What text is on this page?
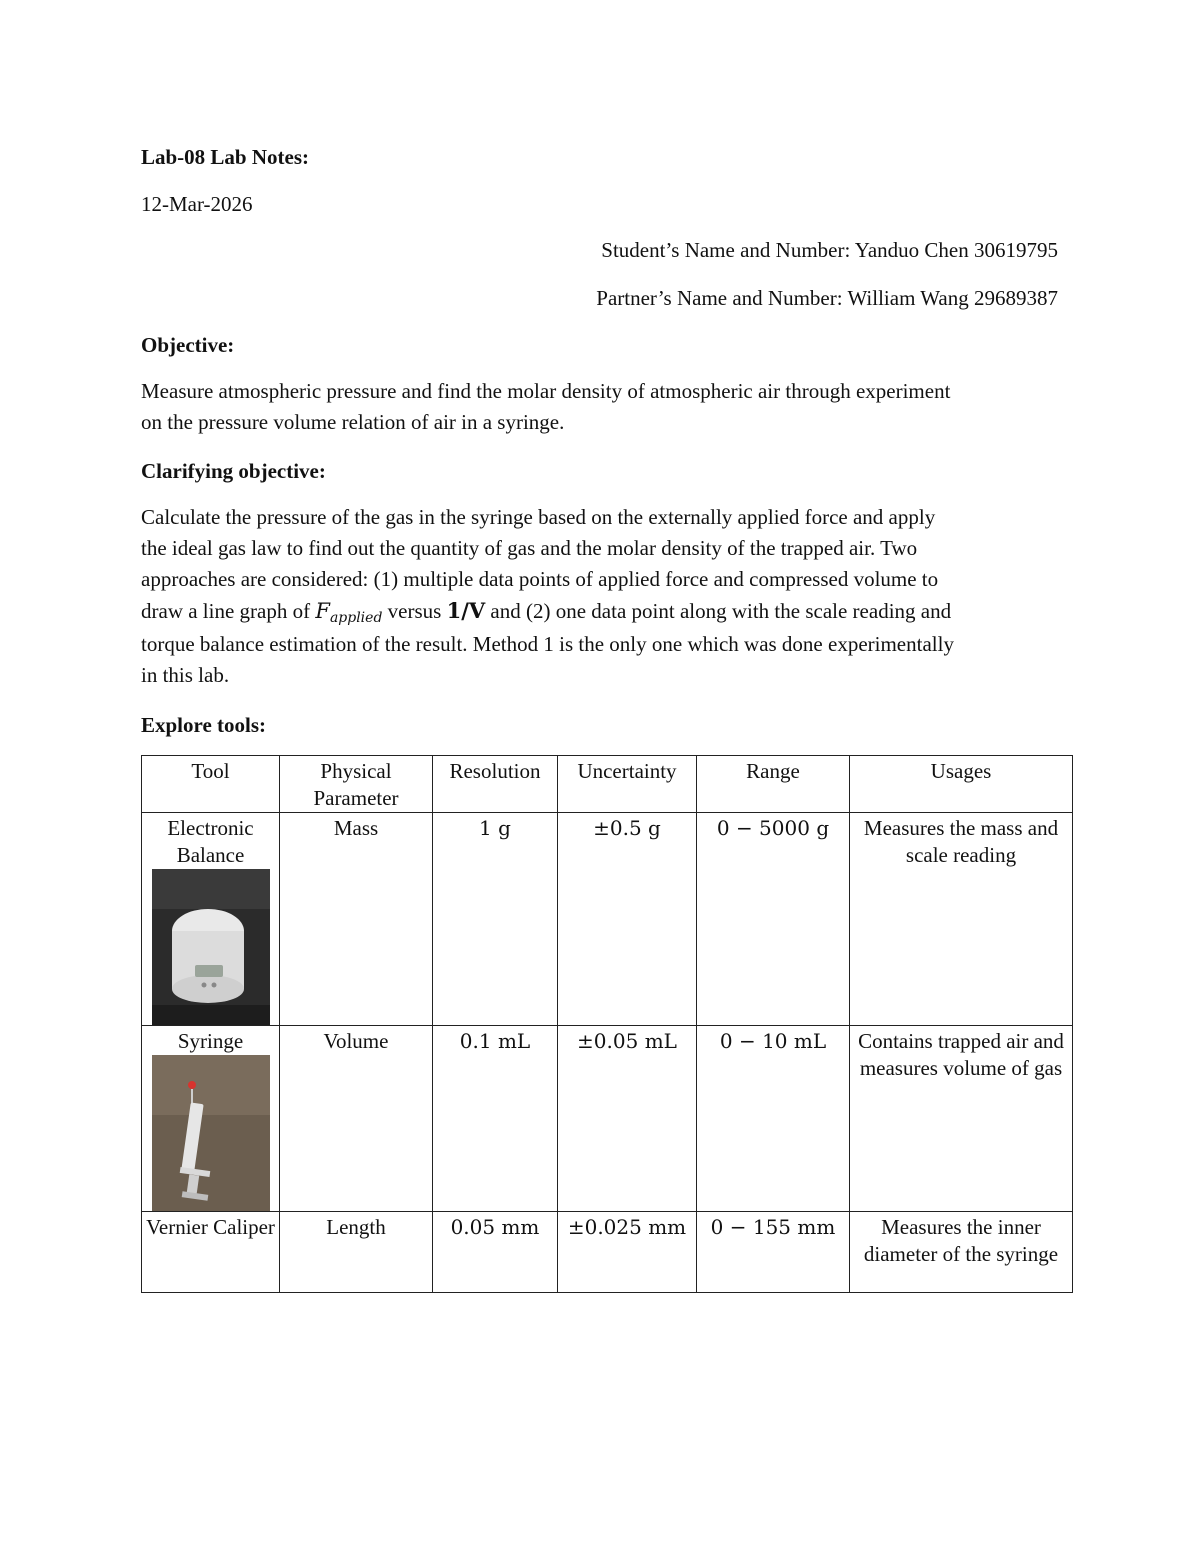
Lab-08 Lab Notes:
12-Mar-2026
Student’s Name and Number: Yanduo Chen 30619795
Partner’s Name and Number: William Wang 29689387
Objective:
Measure atmospheric pressure and find the molar density of atmospheric air through experiment
on the pressure volume relation of air in a syringe.
Clarifying objective:
Calculate the pressure of the gas in the syringe based on the externally applied force and apply
the ideal gas law to find out the quantity of gas and the molar density of the trapped air. Two
approaches are considered: (1) multiple data points of applied force and compressed volume to
draw a line graph of $F_{applied}$ versus 1/V and (2) one data point along with the scale reading and
torque balance estimation of the result. Method 1 is the only one which was done experimentally
in this lab.
Explore tools:
Tool	Physical Parameter	Resolution	Uncertainty	Range	Usages

Electronic Balance	Mass	1 g	±0.5 g	0 − 5000 g	Measures the mass and scale reading

Syringe	Volume	0.1 mL	±0.05 mL	0 − 10 mL	Contains trapped air and measures volume of gas

Vernier Caliper	Length	0.05 mm	±0.025 mm	0 − 155 mm	Measures the inner diameter of the syringe
